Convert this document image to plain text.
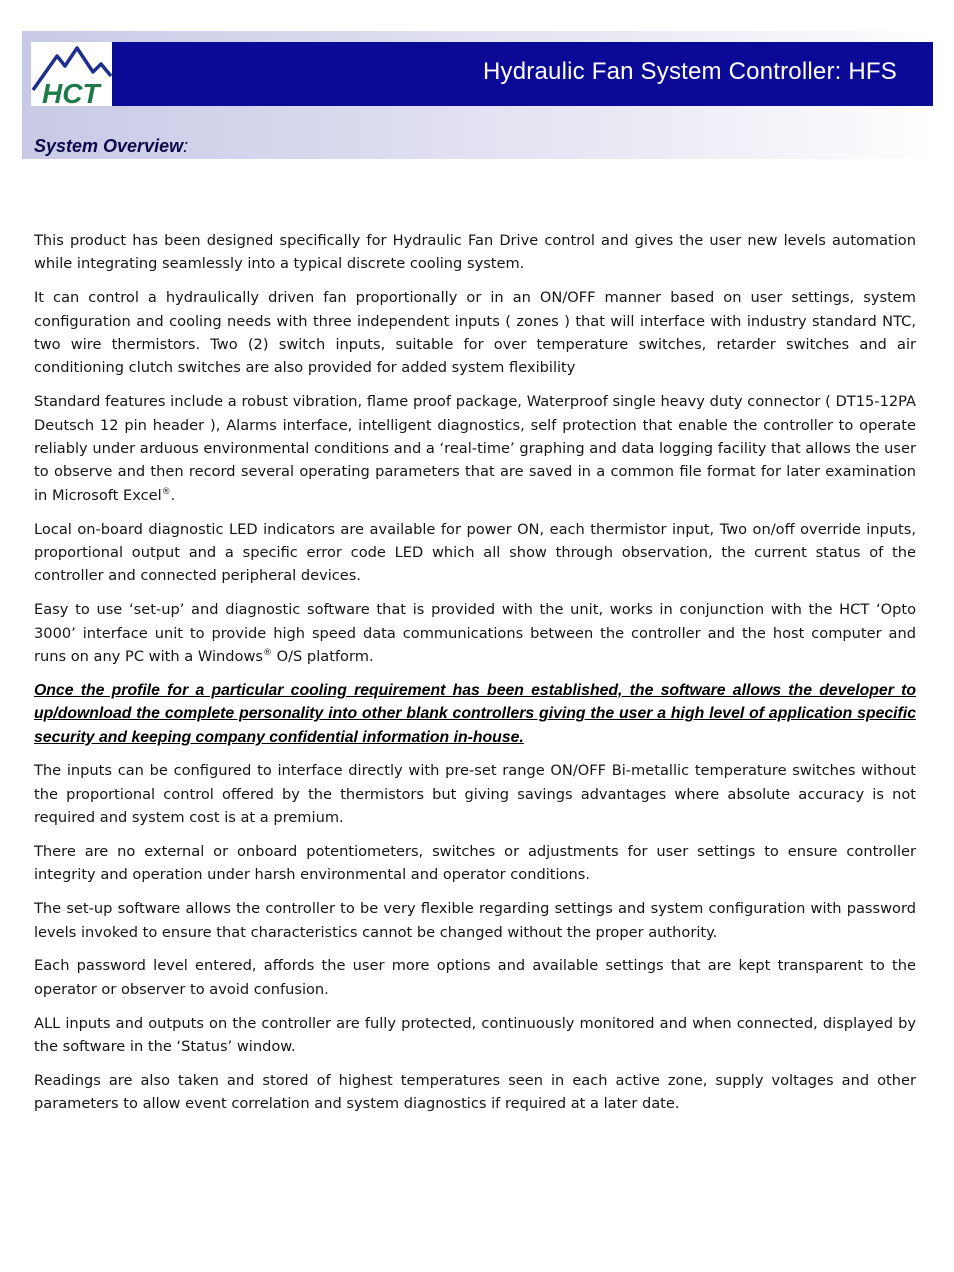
HCT
Hydraulic Fan System Controller: HFS
System Overview:

This product has been designed specifically for Hydraulic Fan Drive control and gives the user new levels automation while integrating seamlessly into a typical discrete cooling system.

It can control a hydraulically driven fan proportionally or in an ON/OFF manner based on user settings, system configuration and cooling needs with three independent inputs ( zones ) that will interface with industry standard NTC, two wire thermistors. Two (2) switch inputs, suitable for over temperature switches, retarder switches and air conditioning clutch switches are also provided for added system flexibility

Standard features include a robust vibration, flame proof package, Waterproof single heavy duty connector ( DT15-12PA Deutsch 12 pin header ), Alarms interface, intelligent diagnostics, self protection that enable the controller to operate reliably under arduous environmental conditions and a ‘real-time’ graphing and data logging facility that allows the user to observe and then record several operating parameters that are saved in a common file format for later examination in Microsoft Excel®.

Local on-board diagnostic LED indicators are available for power ON, each thermistor input, Two on/off override inputs, proportional output and a specific error code LED which all show through observation, the current status of the controller and connected peripheral devices.

Easy to use ‘set-up’ and diagnostic software that is provided with the unit, works in conjunction with the HCT ‘Opto 3000’ interface unit to provide high speed data communications between the controller and the host computer and runs on any PC with a Windows® O/S platform.

Once the profile for a particular cooling requirement has been established, the software allows the developer to up/download the complete personality into other blank controllers giving the user a high level of application specific security and keeping company confidential information in-house.

The inputs can be configured to interface directly with pre-set range ON/OFF Bi-metallic temperature switches without the proportional control offered by the thermistors but giving savings advantages where absolute accuracy is not required and system cost is at a premium.

There are no external or onboard potentiometers, switches or adjustments for user settings to ensure controller integrity and operation under harsh environmental and operator conditions.

The set-up software allows the controller to be very flexible regarding settings and system configuration with password levels invoked to ensure that characteristics cannot be changed without the proper authority.

Each password level entered, affords the user more options and available settings that are kept transparent to the operator or observer to avoid confusion.

ALL inputs and outputs on the controller are fully protected, continuously monitored and when connected, displayed by the software in the ‘Status’ window.

Readings are also taken and stored of highest temperatures seen in each active zone, supply voltages and other parameters to allow event correlation and system diagnostics if required at a later date.
